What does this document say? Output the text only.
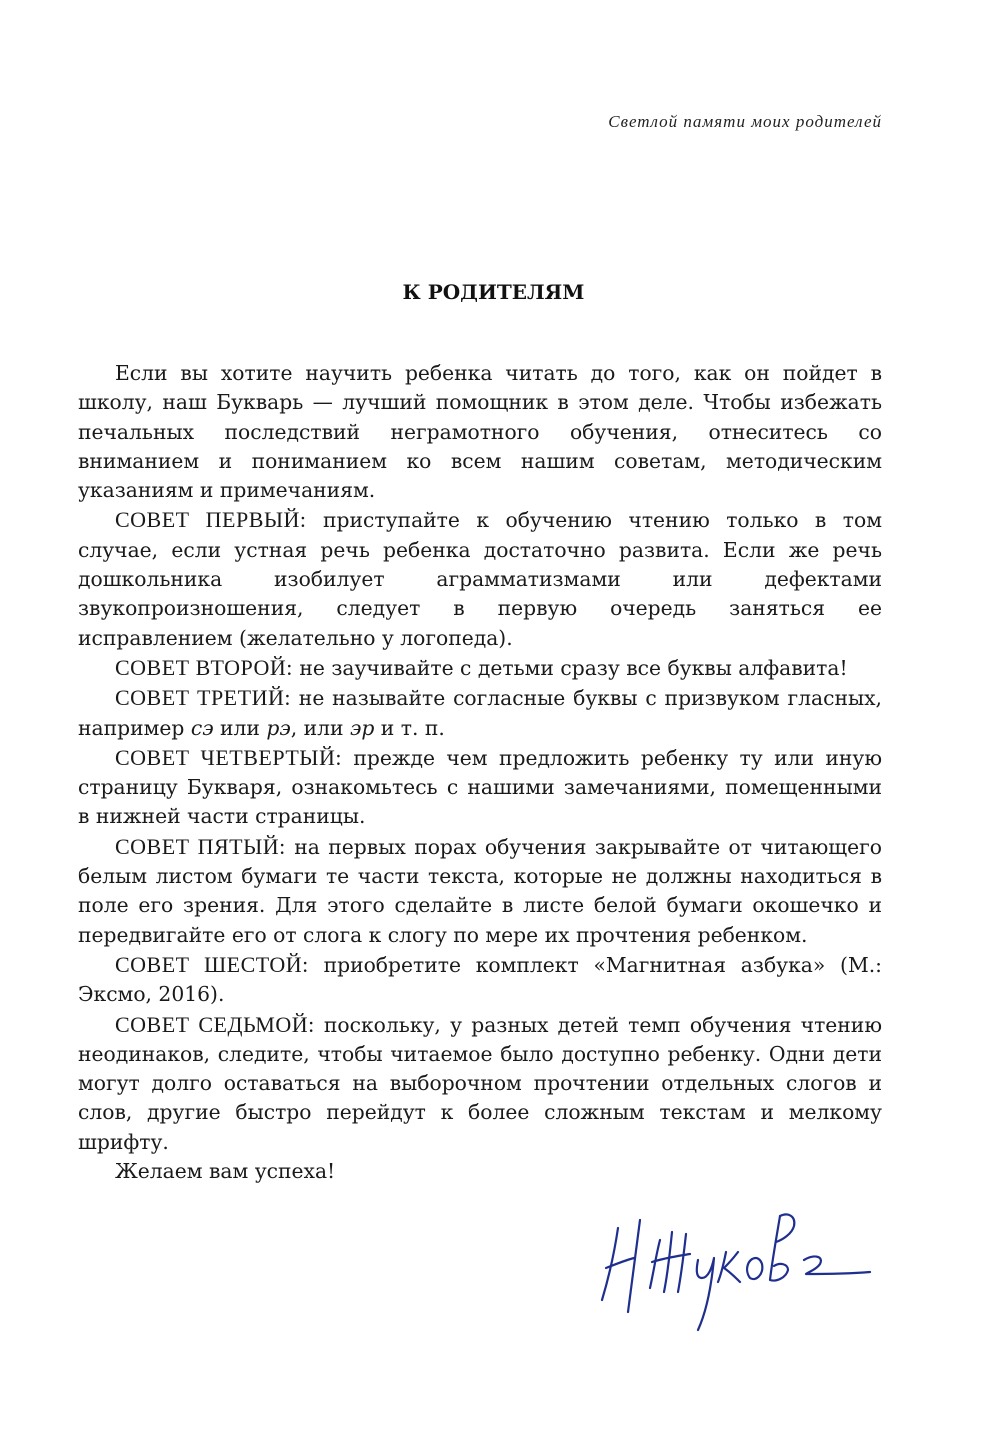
Светлой памяти моих родителей
К РОДИТЕЛЯМ

Если вы хотите научить ребенка читать до того, как он пойдет в школу, наш Букварь — лучший помощник в этом деле. Чтобы избежать печальных последствий неграмотного обучения, отнеситесь со вниманием и пониманием ко всем нашим советам, методическим указаниям и примечаниям.

СОВЕТ ПЕРВЫЙ: приступайте к обучению чтению только в том случае, если устная речь ребенка достаточно развита. Если же речь дошкольника изобилует аграмматизмами или дефектами звукопроизношения, следует в первую очередь заняться ее исправлением (желательно у логопеда).

СОВЕТ ВТОРОЙ: не заучивайте с детьми сразу все буквы алфавита!

СОВЕТ ТРЕТИЙ: не называйте согласные буквы с призвуком гласных, например сэ или рэ, или эр и т. п.

СОВЕТ ЧЕТВЕРТЫЙ: прежде чем предложить ребенку ту или иную страницу Букваря, ознакомьтесь с нашими замечаниями, помещенными в нижней части страницы.

СОВЕТ ПЯТЫЙ: на первых порах обучения закрывайте от читающего белым листом бумаги те части текста, которые не должны находиться в поле его зрения. Для этого сделайте в листе белой бумаги окошечко и передвигайте его от слога к слогу по мере их прочтения ребенком.

СОВЕТ ШЕСТОЙ: приобретите комплект «Магнитная азбука» (М.: Эксмо, 2016).

СОВЕТ СЕДЬМОЙ: поскольку, у разных детей темп обучения чтению неодинаков, следите, чтобы читаемое было доступно ребенку. Одни дети могут долго оставаться на выборочном прочтении отдельных слогов и слов, другие быстро перейдут к более сложным текстам и мелкому шрифту.

Желаем вам успеха!
